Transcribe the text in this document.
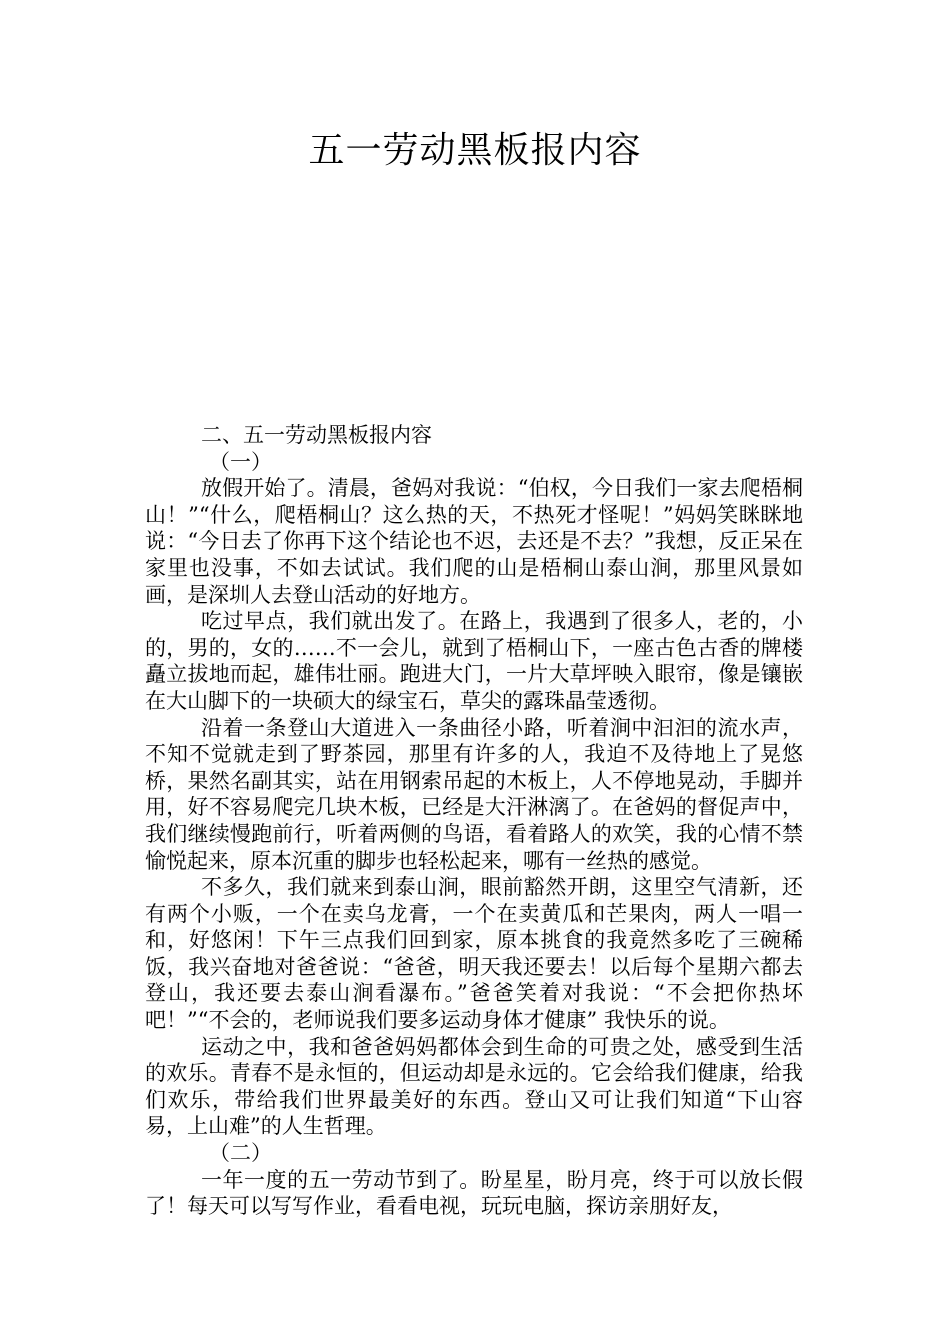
五一劳动黑板报内容

二、五一劳动黑板报内容

（一）

放假开始了。清晨，爸妈对我说：“伯权，今日我们一家去爬梧桐山！”“什么，爬梧桐山？这么热的天，不热死才怪呢！”妈妈笑眯眯地说：“今日去了你再下这个结论也不迟，去还是不去？”我想，反正呆在家里也没事，不如去试试。我们爬的山是梧桐山泰山涧，那里风景如画，是深圳人去登山活动的好地方。

吃过早点，我们就出发了。在路上，我遇到了很多人，老的，小的，男的，女的……不一会儿，就到了梧桐山下，一座古色古香的牌楼矗立拔地而起，雄伟壮丽。跑进大门，一片大草坪映入眼帘，像是镶嵌在大山脚下的一块硕大的绿宝石，草尖的露珠晶莹透彻。

沿着一条登山大道进入一条曲径小路，听着涧中汩汩的流水声，不知不觉就走到了野茶园，那里有许多的人，我迫不及待地上了晃悠桥，果然名副其实，站在用钢索吊起的木板上，人不停地晃动，手脚并用，好不容易爬完几块木板，已经是大汗淋漓了。在爸妈的督促声中，我们继续慢跑前行，听着两侧的鸟语，看着路人的欢笑，我的心情不禁愉悦起来，原本沉重的脚步也轻松起来，哪有一丝热的感觉。

不多久，我们就来到泰山涧，眼前豁然开朗，这里空气清新，还有两个小贩，一个在卖乌龙膏，一个在卖黄瓜和芒果肉，两人一唱一和，好悠闲！下午三点我们回到家，原本挑食的我竟然多吃了三碗稀饭，我兴奋地对爸爸说：“爸爸，明天我还要去！以后每个星期六都去登山，我还要去泰山涧看瀑布。”爸爸笑着对我说：“不会把你热坏吧！”“不会的，老师说我们要多运动身体才健康” 我快乐的说。

运动之中，我和爸爸妈妈都体会到生命的可贵之处，感受到生活的欢乐。青春不是永恒的，但运动却是永远的。它会给我们健康，给我们欢乐，带给我们世界最美好的东西。登山又可让我们知道“下山容易，上山难”的人生哲理。

（二）

一年一度的五一劳动节到了。盼星星，盼月亮，终于可以放长假了！每天可以写写作业，看看电视，玩玩电脑，探访亲朋好友，
